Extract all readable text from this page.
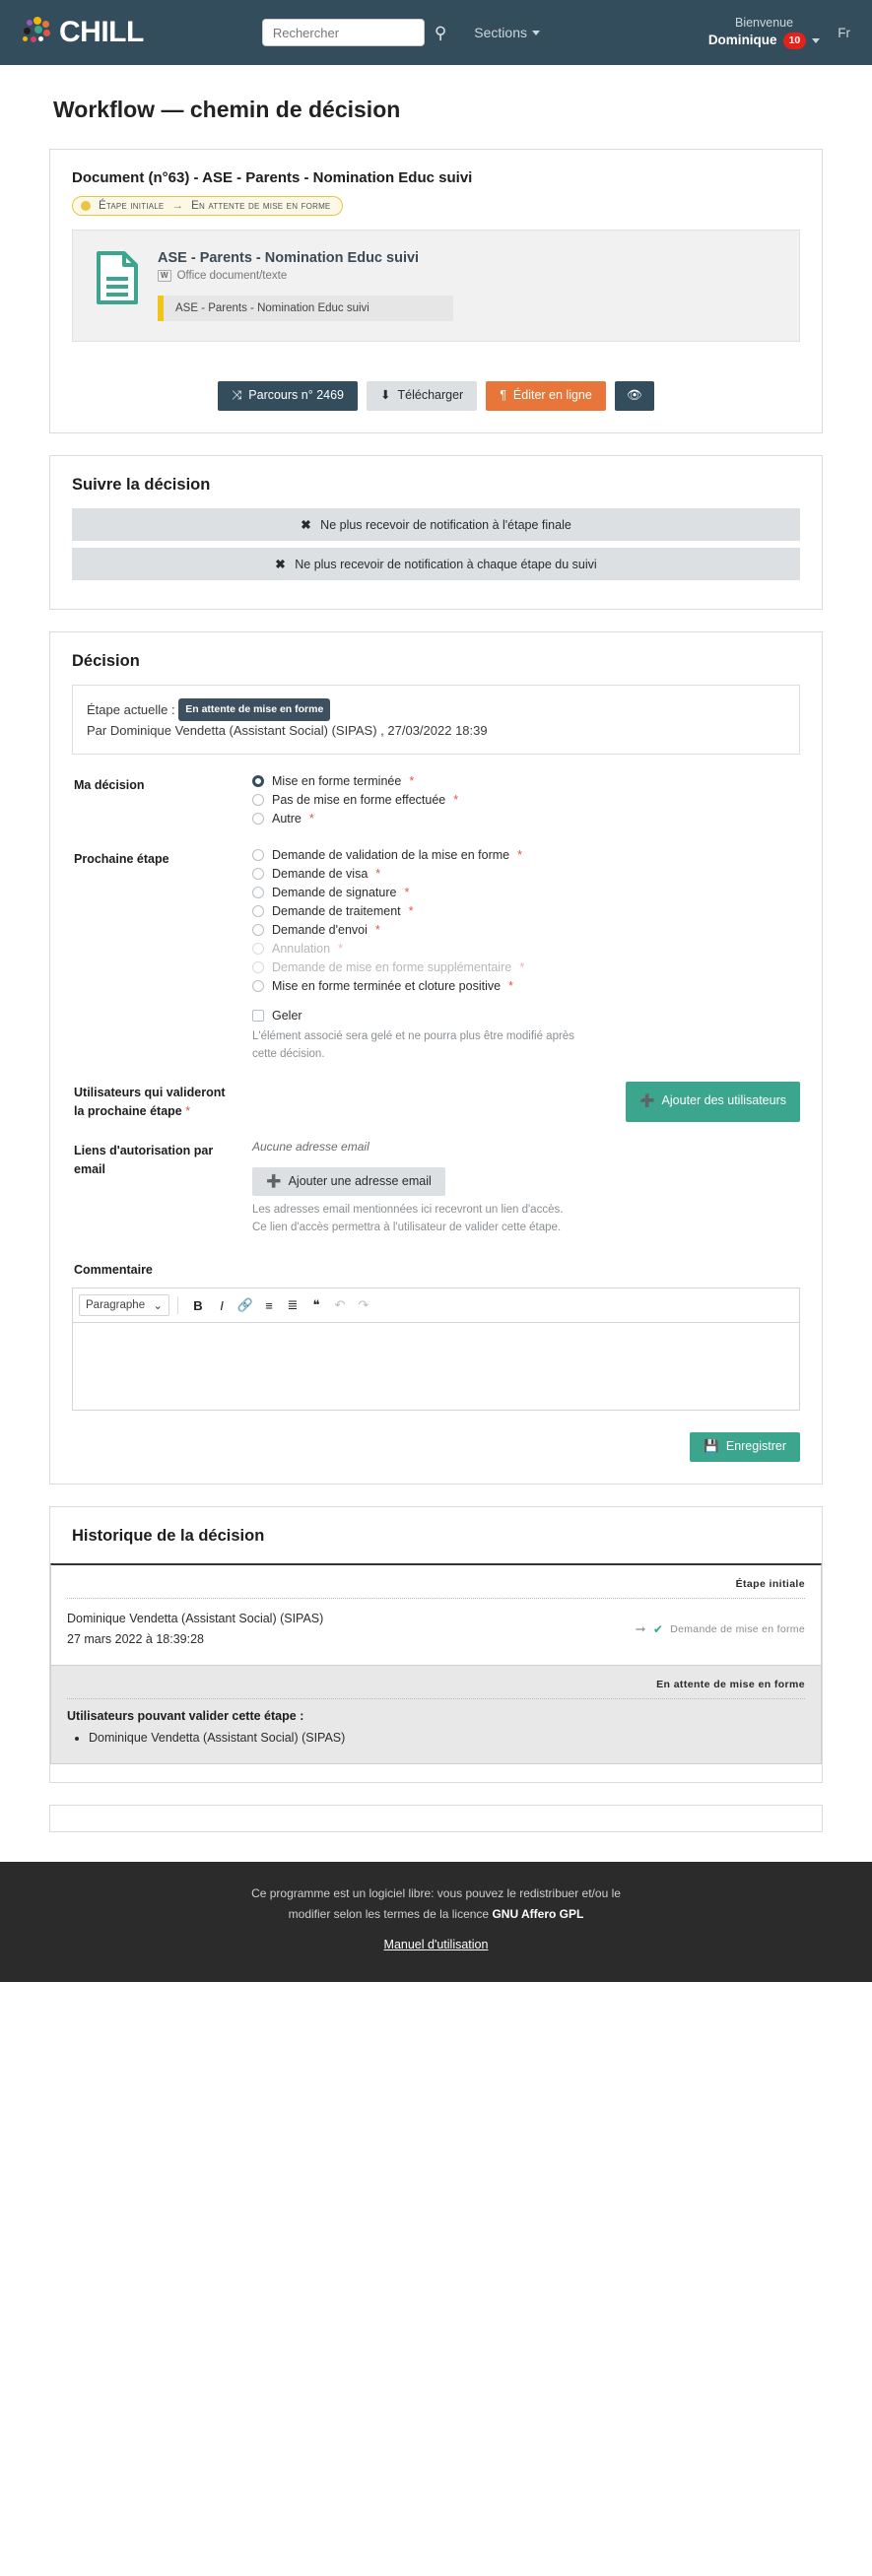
CHILL
Rechercher	⚲ Sections
Bienvenue
Dominique	10
Fr
Workflow — chemin de décision
Document (n°63) - ASE - Parents - Nomination Educ suivi
Étape initiale → En attente de mise en forme
ASE - Parents - Nomination Educ suivi
W Office document/texte
ASE - Parents - Nomination Educ suivi
⤨ Parcours n° 2469	⬇ Télécharger	¶ Éditer en ligne	👁
Suivre la décision
✖ Ne plus recevoir de notification à l'étape finale
✖ Ne plus recevoir de notification à chaque étape du suivi
Décision
Étape actuelle : En attente de mise en forme
Par Dominique Vendetta (Assistant Social) (SIPAS) , 27/03/2022 18:39
Ma décision	Mise en forme terminée *
Pas de mise en forme effectuée *
Autre *
Prochaine étape	Demande de validation de la mise en forme *
Demande de visa *
Demande de signature *
Demande de traitement *
Demande d'envoi *
Annulation *
Demande de mise en forme supplémentaire *
Mise en forme terminée et cloture positive *
Geler
L'élément associé sera gelé et ne pourra plus être modifié après cette décision.
Utilisateurs qui valideront la prochaine étape *
➕ Ajouter des utilisateurs
Liens d'autorisation par email
Aucune adresse email
➕ Ajouter une adresse email
Les adresses email mentionnées ici recevront un lien d'accès. Ce lien d'accès permettra à l'utilisateur de valider cette étape.
Commentaire
Paragraphe ⌄ B I	🔗 ≡	≣	❝	↶	↷
💾 Enregistrer
Historique de la décision
Étape initiale
Dominique Vendetta (Assistant Social) (SIPAS)
27 mars 2022 à 18:39:28
➞ ✔ Demande de mise en forme
En attente de mise en forme
Utilisateurs pouvant valider cette étape :
• Dominique Vendetta (Assistant Social) (SIPAS)
Ce programme est un logiciel libre: vous pouvez le redistribuer et/ou le
modifier selon les termes de la licence GNU Affero GPL
Manuel d'utilisation
